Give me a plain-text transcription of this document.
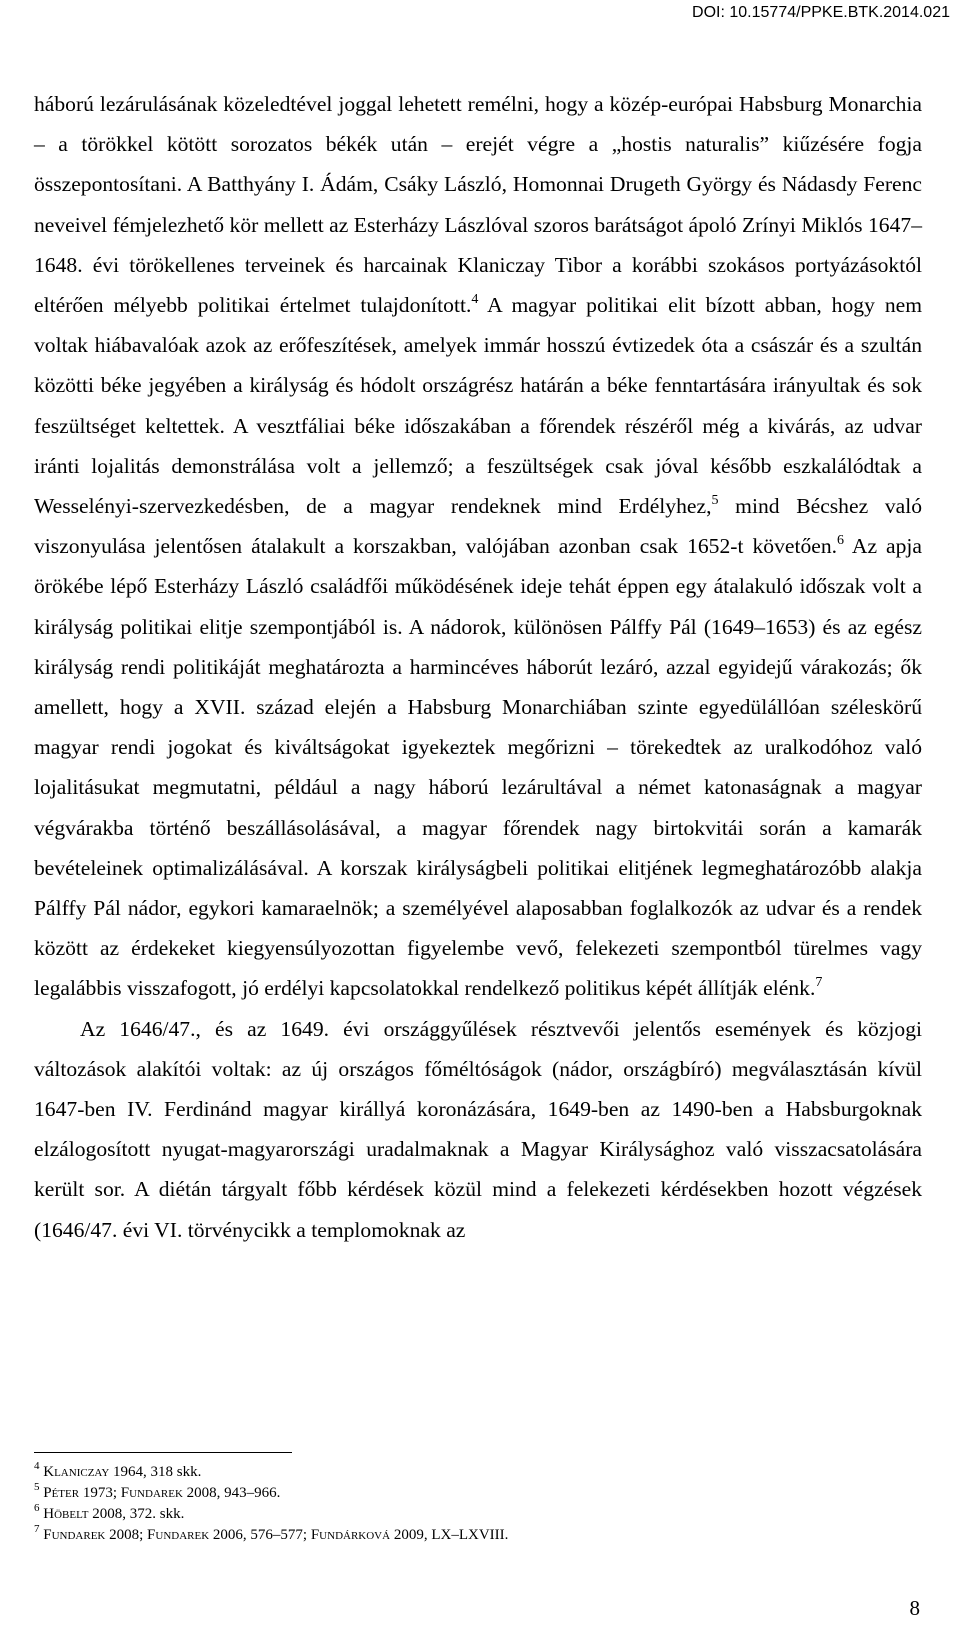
DOI: 10.15774/PPKE.BTK.2014.021

háború lezárulásának közeledtével joggal lehetett remélni, hogy a közép-európai Habsburg Monarchia – a törökkel kötött sorozatos békék után – erejét végre a „hostis naturalis” kiűzésére fogja összepontosítani. A Batthyány I. Ádám, Csáky László, Homonnai Drugeth György és Nádasdy Ferenc neveivel fémjelezhető kör mellett az Esterházy Lászlóval szoros barátságot ápoló Zrínyi Miklós 1647–1648. évi törökellenes terveinek és harcainak Klaniczay Tibor a korábbi szokásos portyázásoktól eltérően mélyebb politikai értelmet tulajdonított.$^4$ A magyar politikai elit bízott abban, hogy nem voltak hiábavalóak azok az erőfeszítések, amelyek immár hosszú évtizedek óta a császár és a szultán közötti béke jegyében a királyság és hódolt országrész határán a béke fenntartására irányultak és sok feszültséget keltettek. A vesztfáliai béke időszakában a főrendek részéről még a kivárás, az udvar iránti lojalitás demonstrálása volt a jellemző; a feszültségek csak jóval később eszkalálódtak a Wesselényi-szervezkedésben, de a magyar rendeknek mind Erdélyhez,$^5$ mind Bécshez való viszonyulása jelentősen átalakult a korszakban, valójában azonban csak 1652-t követően.$^6$ Az apja örökébe lépő Esterházy László családfői működésének ideje tehát éppen egy átalakuló időszak volt a királyság politikai elitje szempontjából is. A nádorok, különösen Pálffy Pál (1649–1653) és az egész királyság rendi politikáját meghatározta a harmincéves háborút lezáró, azzal egyidejű várakozás; ők amellett, hogy a XVII. század elején a Habsburg Monarchiában szinte egyedülállóan széleskörű magyar rendi jogokat és kiváltságokat igyekeztek megőrizni – törekedtek az uralkodóhoz való lojalitásukat megmutatni, például a nagy háború lezárultával a német katonaságnak a magyar végvárakba történő beszállásolásával, a magyar főrendek nagy birtokvitái során a kamarák bevételeinek optimalizálásával. A korszak királyságbeli politikai elitjének legmeghatározóbb alakja Pálffy Pál nádor, egykori kamaraelnök; a személyével alaposabban foglalkozók az udvar és a rendek között az érdekeket kiegyensúlyozottan figyelembe vevő, felekezeti szempontból türelmes vagy legalábbis visszafogott, jó erdélyi kapcsolatokkal rendelkező politikus képét állítják elénk.$^7$

Az 1646/47., és az 1649. évi országgyűlések résztvevői jelentős események és közjogi változások alakítói voltak: az új országos főméltóságok (nádor, országbíró) megválasztásán kívül 1647-ben IV. Ferdinánd magyar királlyá koronázására, 1649-ben az 1490-ben a Habsburgoknak elzálogosított nyugat-magyarországi uradalmaknak a Magyar Királysághoz való visszacsatolására került sor. A diétán tárgyalt főbb kérdések közül mind a felekezeti kérdésekben hozott végzések (1646/47. évi VI. törvénycikk a templomoknak az

$^4$ Klaniczay 1964, 318 skk.

$^5$ Péter 1973; Fundarek 2008, 943–966.

$^6$ Höbelt 2008, 372. skk.

$^7$ Fundarek 2008; Fundarek 2006, 576–577; Fundárková 2009, LX–LXVIII.

8
